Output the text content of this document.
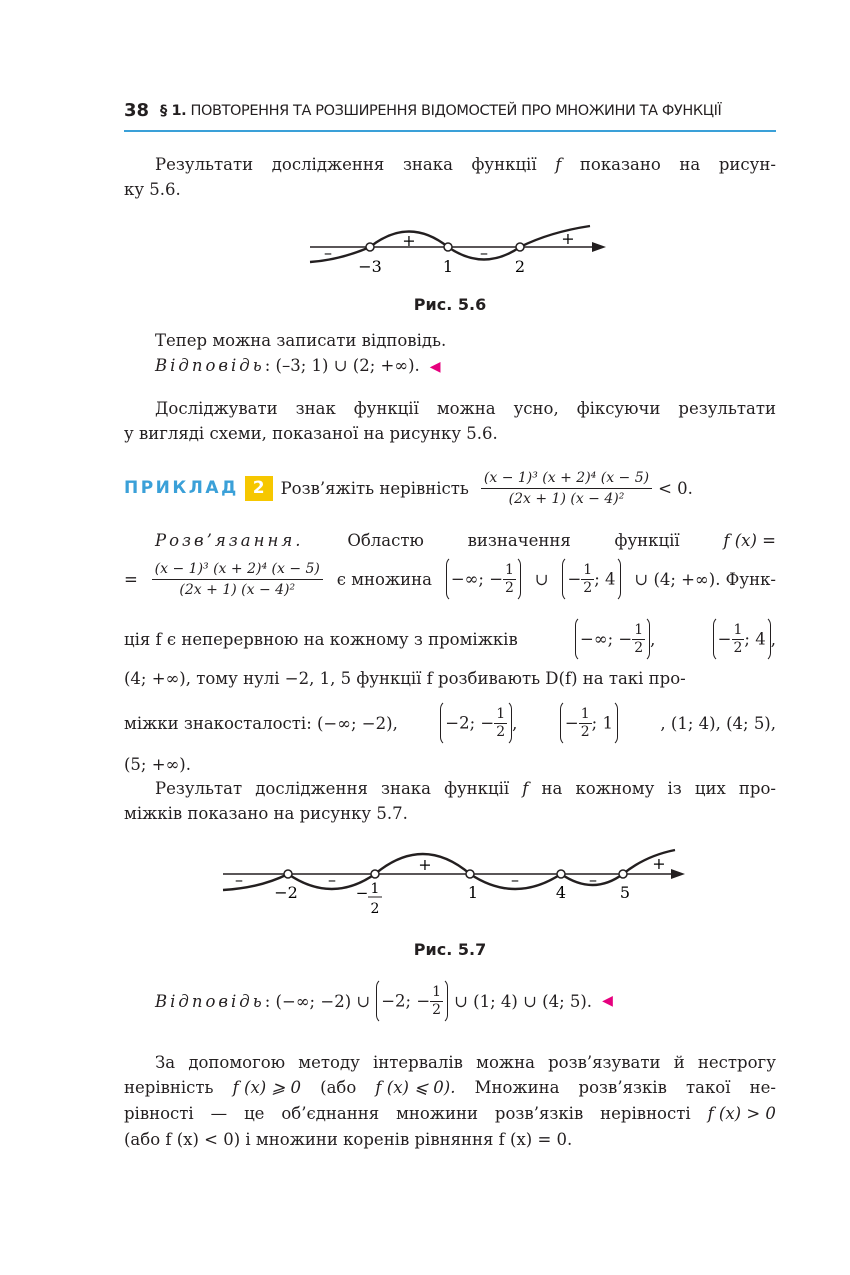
38 § 1. ПОВТОРЕННЯ ТА РОЗШИРЕННЯ ВІДОМОСТЕЙ ПРО МНОЖИНИ ТА ФУНКЦІЇ
Результати дослідження знака функції f показано на рисун-
ку 5.6.
−3	1	2
–
+
–
+
Рис. 5.6
Тепер можна записати відповідь.
Відповідь: (–3; 1) ∪ (2; +∞). ◀
Досліджувати знак функції можна усно, фіксуючи результати
у вигляді схеми, показаної на рисунку 5.6.
ПРИКЛАД 2 Розв’яжіть нерівність $\frac{\text{(x − 1)³ (x + 2)⁴ (x − 5)}}{\text{(2x + 1) (x − 4)²}} < 0$.
Розв’язання.	Областю	визначення	функції	f (x) =
= $\frac{\text{(x − 1)³ (x + 2)⁴ (x − 5)}}{\text{(2x + 1) (x − 4)²}}$ є множина	−∞; − $\frac{1}{2}$ ∪	− $\frac{1}{2}$ ; 4	∪ (4; +∞). Функ-
ція f є неперервною на кожному з проміжків	−∞; − $\frac{1}{2}$ ,	− $\frac{1}{2}$ ; 4 ,
(4; +∞), тому нулі −2, 1, 5 функції f розбивають D(f) на такі про-
міжки знакосталості: (−∞; −2),	−2; − $\frac{1}{2}$ ,	− $\frac{1}{2}$ ; 1	, (1; 4), (4; 5),
(5; +∞).
Результат дослідження знака функції f на кожному із цих про-
міжків показано на рисунку 5.7.
−2	− 1
2
1	4	5
–	–
+
–	–
+
Рис. 5.7
Відповідь : (−∞; −2) ∪ −2; − $\frac{1}{2}$ ∪ (1; 4) ∪ (4; 5). ◀
За допомогою методу інтервалів можна розв’язувати й нестрогу
нерівність f (x) ⩾ 0 (або f (x) ⩽ 0). Множина розв’язків такої не-
рівності — це об’єднання множини розв’язків нерівності f (x) > 0
(або f (x) < 0) і множини коренів рівняння f (x) = 0.
